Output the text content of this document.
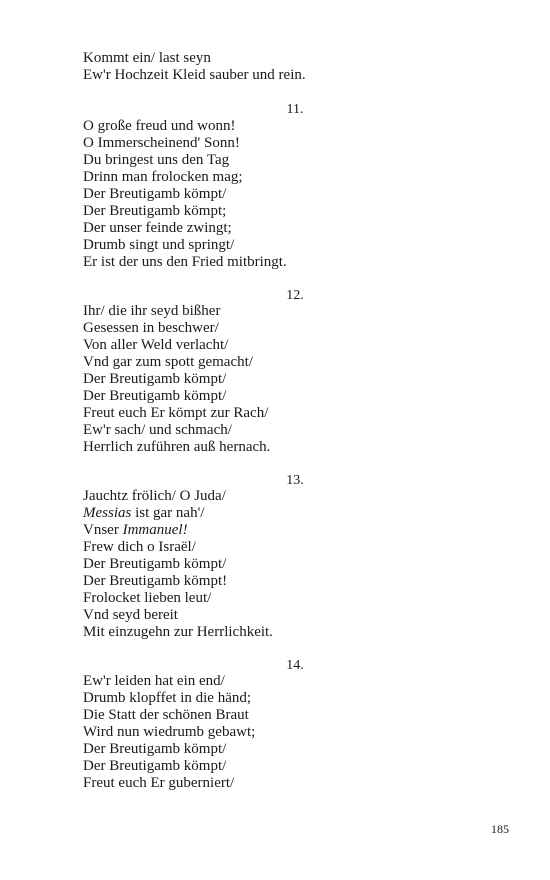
Kommt ein/ last seyn
Ew'r Hochzeit Kleid sauber und rein.
11.
O große freud und wonn!
O Immerscheinend' Sonn!
Du bringest uns den Tag
Drinn man frolocken mag;
Der Breutigamb kömpt/
Der Breutigamb kömpt;
Der unser feinde zwingt;
Drumb singt und springt/
Er ist der uns den Fried mitbringt.
12.
Ihr/ die ihr seyd bißher
Gesessen in beschwer/
Von aller Weld verlacht/
Vnd gar zum spott gemacht/
Der Breutigamb kömpt/
Der Breutigamb kömpt/
Freut euch Er kömpt zur Rach/
Ew'r sach/ und schmach/
Herrlich zuführen auß hernach.
13.
Jauchtz frölich/ O Juda/
Messias ist gar nah'/
Vnser Immanuel!
Frew dich o Israël/
Der Breutigamb kömpt/
Der Breutigamb kömpt!
Frolocket lieben leut/
Vnd seyd bereit
Mit einzugehn zur Herrlichkeit.
14.
Ew'r leiden hat ein end/
Drumb klopffet in die händ;
Die Statt der schönen Braut
Wird nun wiedrumb gebawt;
Der Breutigamb kömpt/
Der Breutigamb kömpt/
Freut euch Er guberniert/
185
